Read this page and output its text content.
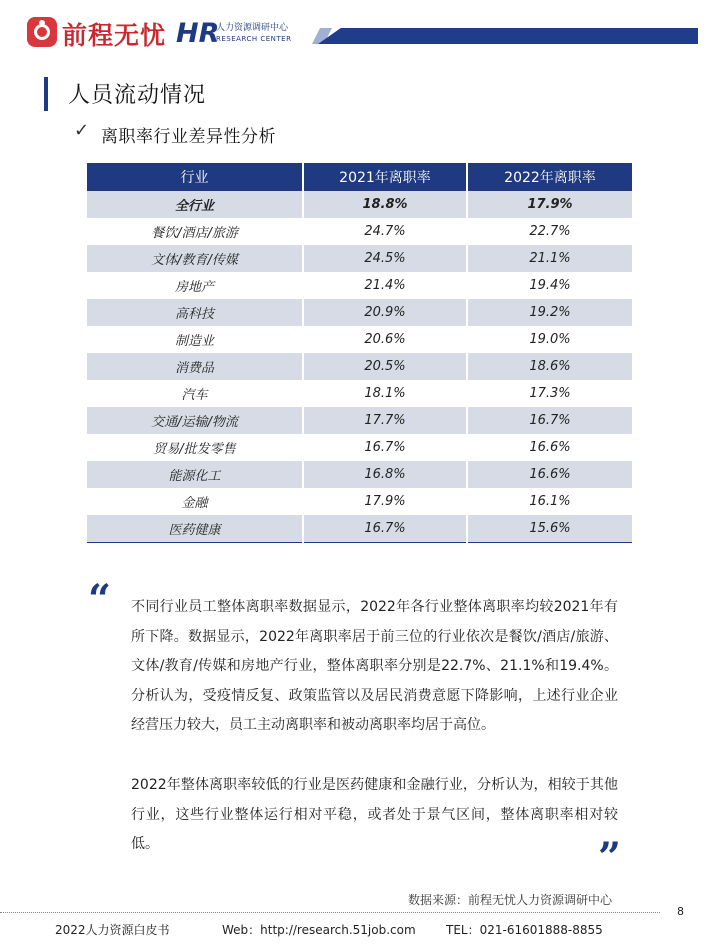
前程无忧 HR
人力资源调研中心
RESEARCH CENTER
人员流动情况
✓ 离职率行业差异性分析
行业	2021年离职率	2022年离职率
全行业	18.8%	17.9%
餐饮/酒店/旅游	24.7%	22.7%
文体/教育/传媒	24.5%	21.1%
房地产	21.4%	19.4%
高科技	20.9%	19.2%
制造业	20.6%	19.0%
消费品	20.5%	18.6%
汽车	18.1%	17.3%
交通/运输/物流	17.7%	16.7%
贸易/批发零售	16.7%	16.6%
能源化工	16.8%	16.6%
金融	17.9%	16.1%
医药健康	16.7%	15.6%
“ 不同行业员工整体离职率数据显示，2022年各行业整体离职率均较2021年有所下降。数据显示，2022年离职率居于前三位的行业依次是餐饮/酒店/旅游、文体/教育/传媒和房地产行业，整体离职率分别是22.7%、21.1%和19.4%。分析认为，受疫情反复、政策监管以及居民消费意愿下降影响，上述行业企业经营压力较大，员工主动离职率和被动离职率均居于高位。

2022年整体离职率较低的行业是医药健康和金融行业，分析认为，相较于其他行业，这些行业整体运行相对平稳，或者处于景气区间，整体离职率相对较低。	”
数据来源：前程无忧人力资源调研中心
8
2022人力资源白皮书	Web：http://research.51job.com	TEL：021-61601888-8855
